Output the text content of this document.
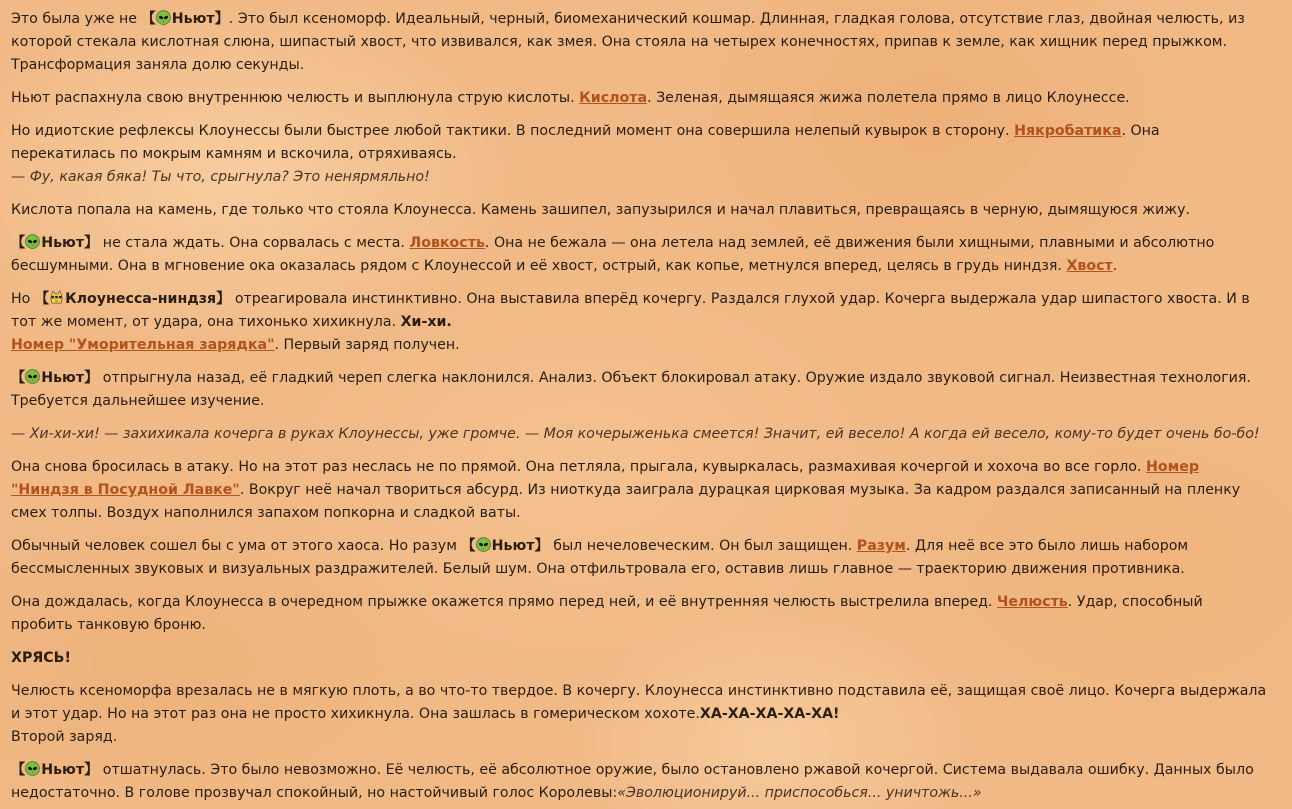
Это была уже не 【 Ньют】. Это был ксеноморф. Идеальный, черный, биомеханический кошмар. Длинная, гладкая голова, отсутствие глаз, двойная челюсть, из которой стекала кислотная слюна, шипастый хвост, что извивался, как змея. Она стояла на четырех конечностях, припав к земле, как хищник перед прыжком. Трансформация заняла долю секунды.

Ньют распахнула свою внутреннюю челюсть и выплюнула струю кислоты. Кислота. Зеленая, дымящаяся жижа полетела прямо в лицо Клоунессе.

Но идиотские рефлексы Клоунессы были быстрее любой тактики. В последний момент она совершила нелепый кувырок в сторону. Някробатика. Она перекатилась по мокрым камням и вскочила, отряхиваясь.
— Фу, какая бяка! Ты что, срыгнула? Это ненярмяльно!

Кислота попала на камень, где только что стояла Клоунесса. Камень зашипел, запузырился и начал плавиться, превращаясь в черную, дымящуюся жижу.

【 Ньют】 не стала ждать. Она сорвалась с места. Ловкость. Она не бежала — она летела над землей, её движения были хищными, плавными и абсолютно бесшумными. Она в мгновение ока оказалась рядом с Клоунессой и её хвост, острый, как копье, метнулся вперед, целясь в грудь ниндзя. Хвост.

Но 【 Клоунесса-ниндзя】 отреагировала инстинктивно. Она выставила вперёд кочергу. Раздался глухой удар. Кочерга выдержала удар шипастого хвоста. И в тот же момент, от удара, она тихонько хихикнула. Хи-хи.
Номер "Уморительная зарядка". Первый заряд получен.

【 Ньют】 отпрыгнула назад, её гладкий череп слегка наклонился. Анализ. Объект блокировал атаку. Оружие издало звуковой сигнал. Неизвестная технология. Требуется дальнейшее изучение.

— Хи-хи-хи! — захихикала кочерга в руках Клоунессы, уже громче. — Моя кочерыженька смеется! Значит, ей весело! А когда ей весело, кому-то будет очень бо-бо!

Она снова бросилась в атаку. Но на этот раз неслась не по прямой. Она петляла, прыгала, кувыркалась, размахивая кочергой и хохоча во все горло. Номер "Ниндзя в Посудной Лавке". Вокруг неё начал твориться абсурд. Из ниоткуда заиграла дурацкая цирковая музыка. За кадром раздался записанный на пленку смех толпы. Воздух наполнился запахом попкорна и сладкой ваты.

Обычный человек сошел бы с ума от этого хаоса. Но разум 【 Ньют】 был нечеловеческим. Он был защищен. Разум. Для неё все это было лишь набором бессмысленных звуковых и визуальных раздражителей. Белый шум. Она отфильтровала его, оставив лишь главное — траекторию движения противника.

Она дождалась, когда Клоунесса в очередном прыжке окажется прямо перед ней, и её внутренняя челюсть выстрелила вперед. Челюсть. Удар, способный пробить танковую броню.

ХРЯСЬ!

Челюсть ксеноморфа врезалась не в мягкую плоть, а во что-то твердое. В кочергу. Клоунесса инстинктивно подставила её, защищая своё лицо. Кочерга выдержала и этот удар. Но на этот раз она не просто хихикнула. Она зашлась в гомерическом хохоте.ХА-ХА-ХА-ХА-ХА!
Второй заряд.

【 Ньют】 отшатнулась. Это было невозможно. Её челюсть, её абсолютное оружие, было остановлено ржавой кочергой. Система выдавала ошибку. Данных было недостаточно. В голове прозвучал спокойный, но настойчивый голос Королевы:«Эволюционируй... приспособься... уничтожь...»
